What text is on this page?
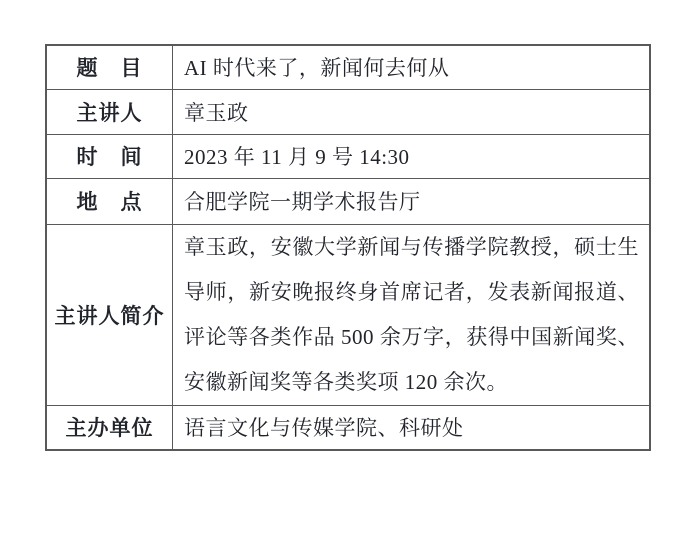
题　目	AI 时代来了，新闻何去何从
主讲人	章玉政
时　间	2023 年 11 月 9 号 14:30
地　点	合肥学院一期学术报告厅
主讲人简介	章玉政，安徽大学新闻与传播学院教授，硕士生导师，新安晚报终身首席记者，发表新闻报道、评论等各类作品 500 余万字，获得中国新闻奖、安徽新闻奖等各类奖项 120 余次。
主办单位	语言文化与传媒学院、科研处
